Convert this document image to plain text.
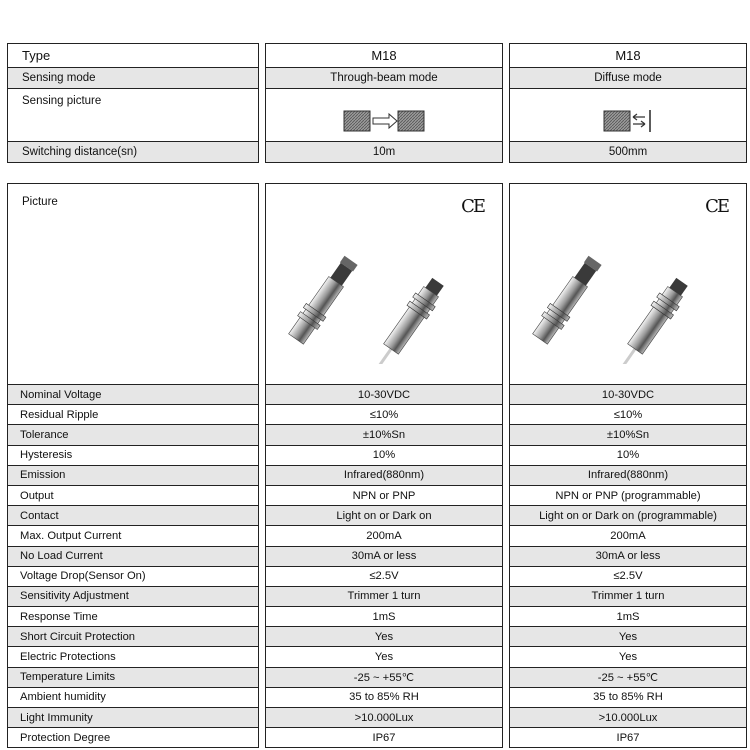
Type		M18		M18
Sensing mode		Through-beam mode		Diffuse mode

Sensing picture

Switching distance(sn)		10m		500mm
Picture		CE		CE

Nominal Voltage		10-30VDC		10-30VDC
Residual Ripple		≤10%		≤10%
Tolerance		±10%Sn		±10%Sn
Hysteresis		10%		10%
Emission		Infrared(880nm)		Infrared(880nm)
Output		NPN or PNP		NPN or PNP (programmable)
Contact		Light on or Dark on		Light on or Dark on (programmable)
Max. Output Current		200mA		200mA
No Load Current		30mA or less		30mA or less
Voltage Drop(Sensor On)		≤2.5V		≤2.5V
Sensitivity Adjustment		Trimmer 1 turn		Trimmer 1 turn
Response Time		1mS		1mS
Short Circuit Protection		Yes		Yes
Electric Protections		Yes		Yes
Temperature Limits		-25 ~ +55℃		-25 ~ +55℃
Ambient humidity		35 to 85% RH		35 to 85% RH
Light Immunity		>10.000Lux		>10.000Lux
Protection Degree		IP67		IP67
